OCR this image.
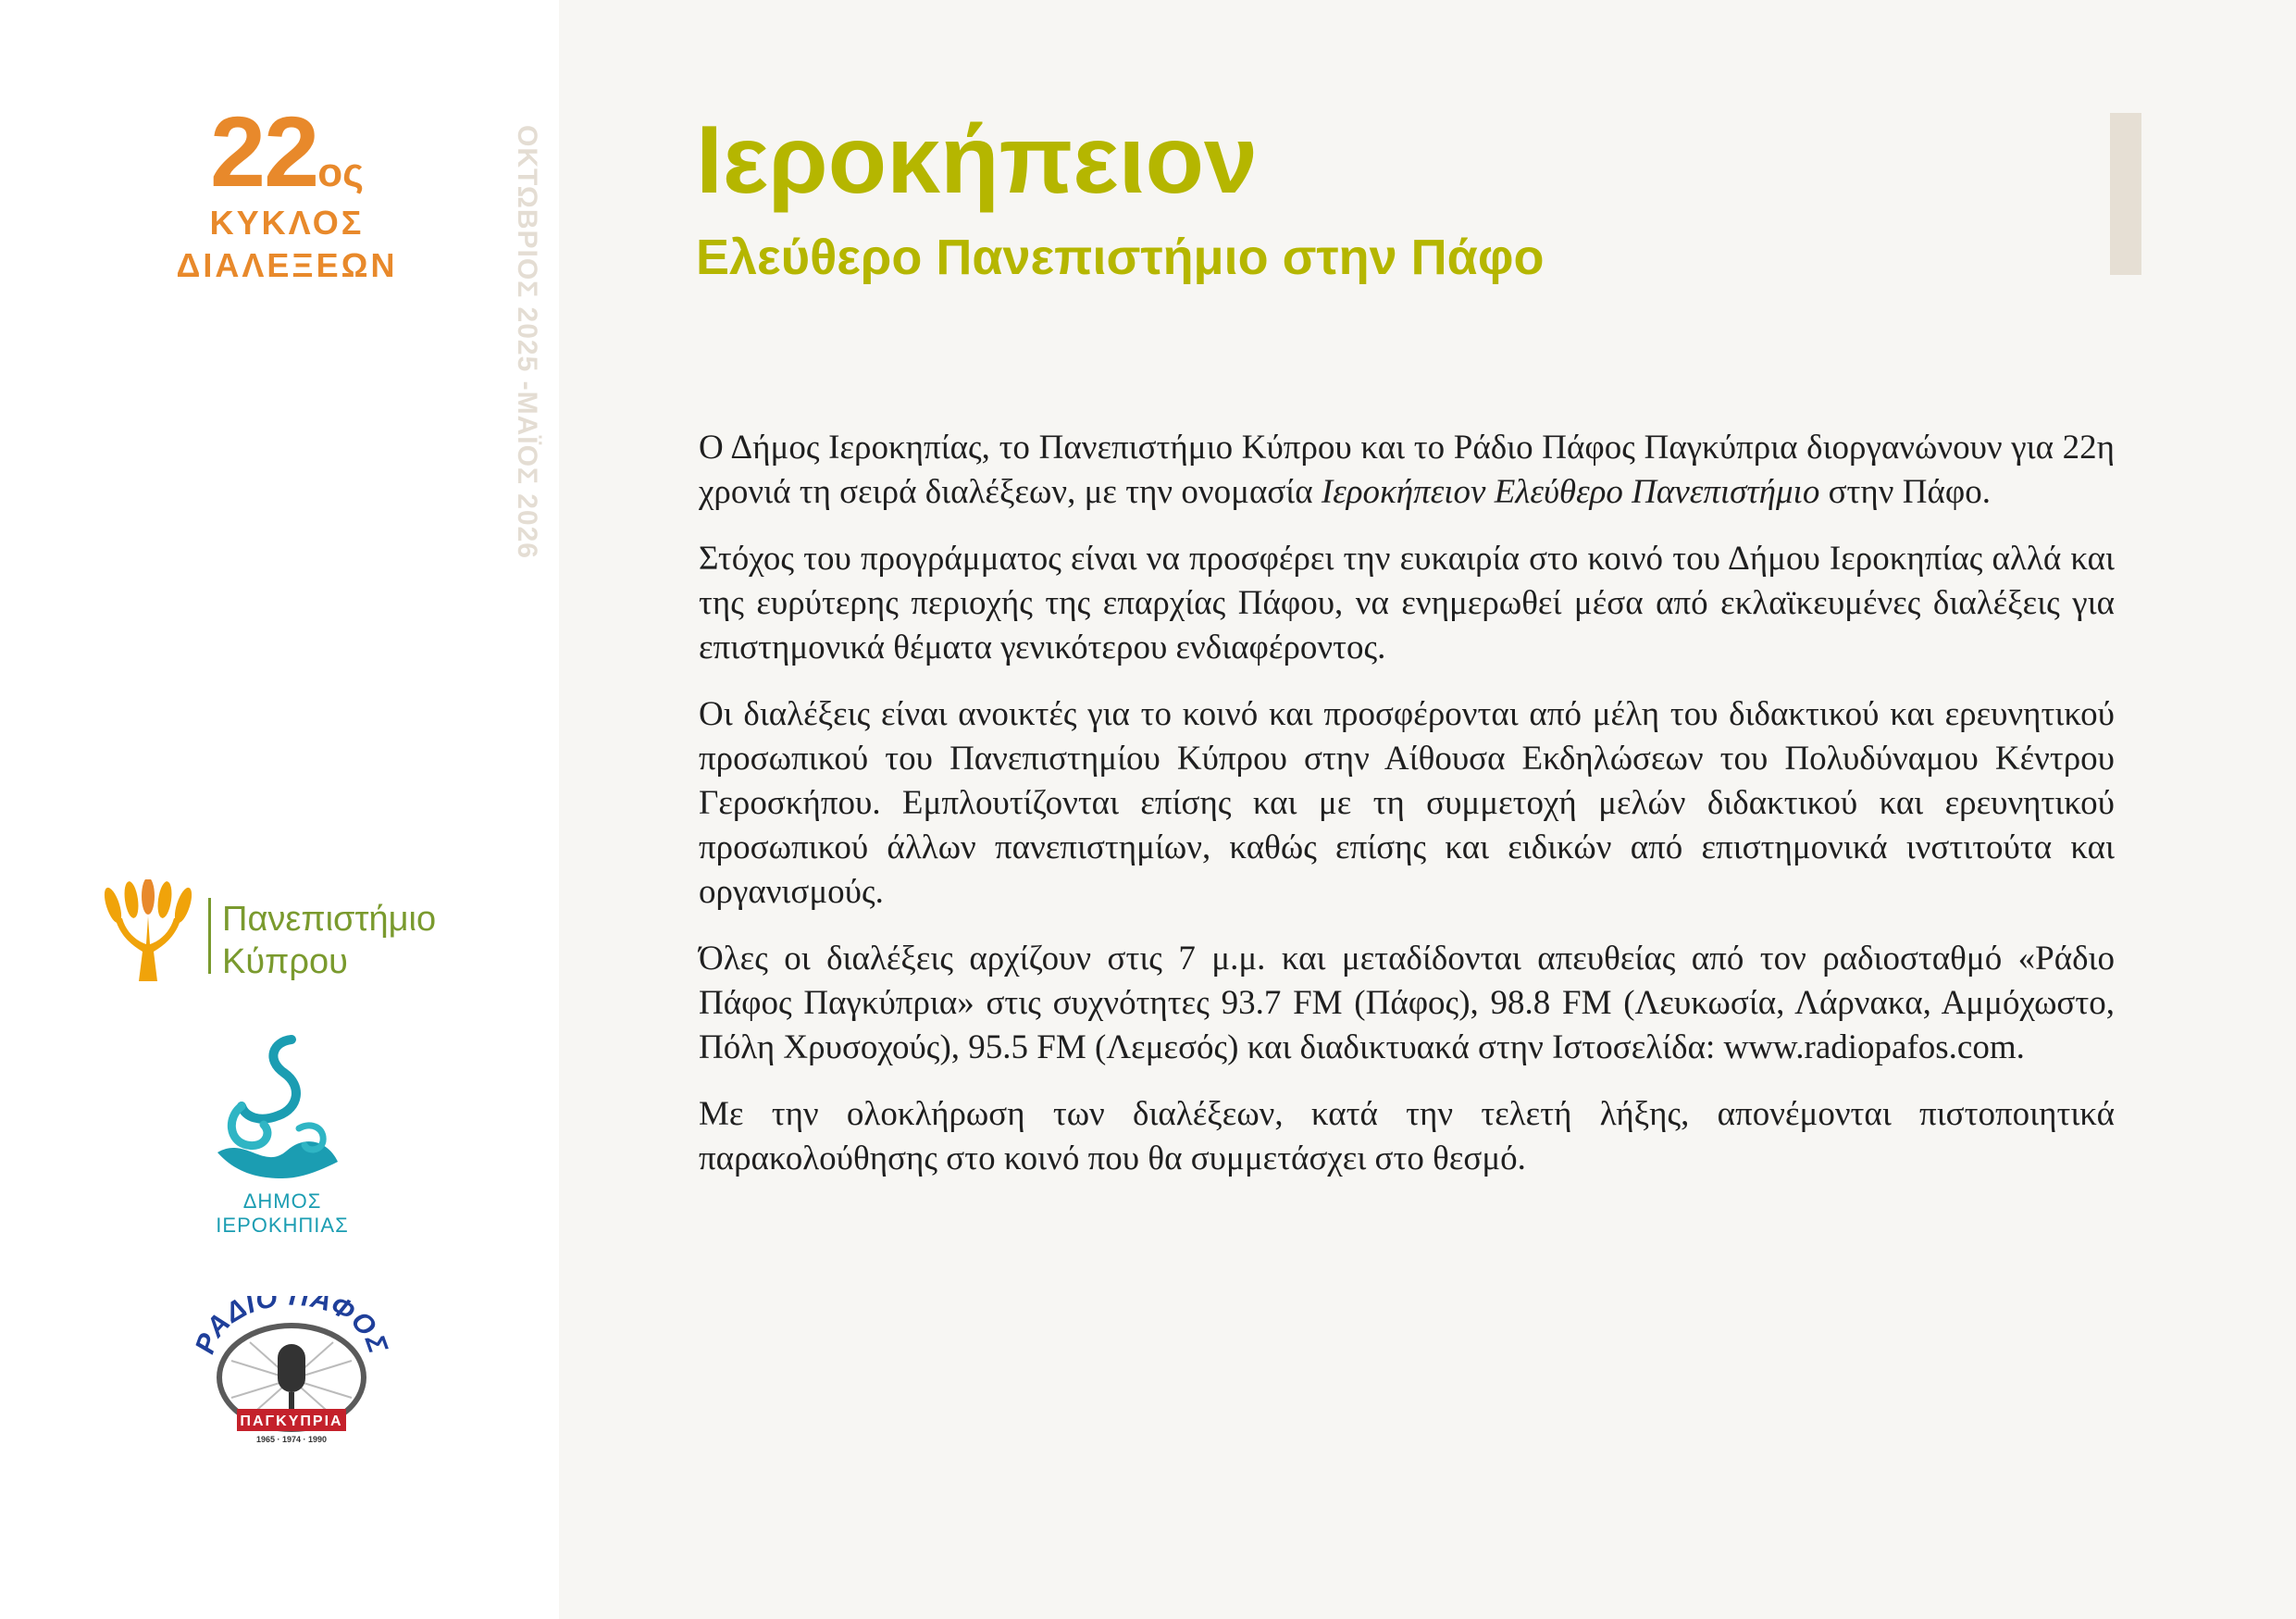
22ος
ΚΥΚΛΟΣ
ΔΙΑΛΕΞΕΩΝ	ΟΚΤΩΒΡΙΟΣ 2025 -ΜΑΪΟΣ 2026
Πανεπιστήμιο
Κύπρου
ΔΗΜΟΣ
ΙΕΡΟΚΗΠΙΑΣ
ΑΔΙΟ ΠΑΦΟ
ΠΑΓΚΥΠΡΙΑ
1965 · 1974 · 1990
Ιεροκήπειον
Ελεύθερο Πανεπιστήμιο στην Πάφο

Ο Δήμος Ιεροκηπίας, το Πανεπιστήμιο Κύπρου και το Ράδιο Πάφος Παγκύπρια διοργανώνουν για 22η χρονιά τη σειρά διαλέξεων, με την ονομασία Ιεροκήπειον Ελεύθερο Πανεπιστήμιο στην Πάφο.

Στόχος του προγράμματος είναι να προσφέρει την ευκαιρία στο κοινό του Δήμου Ιεροκηπίας αλλά και της ευρύτερης περιοχής της επαρχίας Πάφου, να ενημερωθεί μέσα από εκλαϊκευμένες διαλέξεις για επιστημονικά θέματα γενικότερου ενδιαφέροντος.

Οι διαλέξεις είναι ανοικτές για το κοινό και προσφέρονται από μέλη του διδακτικού και ερευνητικού προσωπικού του Πανεπιστημίου Κύπρου στην Αίθουσα Εκδηλώσεων του Πολυδύναμου Κέντρου Γεροσκήπου. Εμπλουτίζονται επίσης και με τη συμμετοχή μελών διδακτικού και ερευνητικού προσωπικού άλλων πανεπιστημίων, καθώς επίσης και ειδικών από επιστημονικά ινστιτούτα και οργανισμούς.

Όλες οι διαλέξεις αρχίζουν στις 7 μ.μ. και μεταδίδονται απευθείας από τον ραδιοσταθμό «Ράδιο Πάφος Παγκύπρια» στις συχνότητες 93.7 FM (Πάφος), 98.8 FM (Λευκωσία, Λάρνακα, Αμμόχωστο, Πόλη Χρυσοχούς), 95.5 FM (Λεμεσός) και διαδικτυακά στην Ιστοσελίδα: www.radiopafos.com.

Με την ολοκλήρωση των διαλέξεων, κατά την τελετή λήξης, απονέμονται πιστοποιητικά παρακολούθησης στο κοινό που θα συμμετάσχει στο θεσμό.
